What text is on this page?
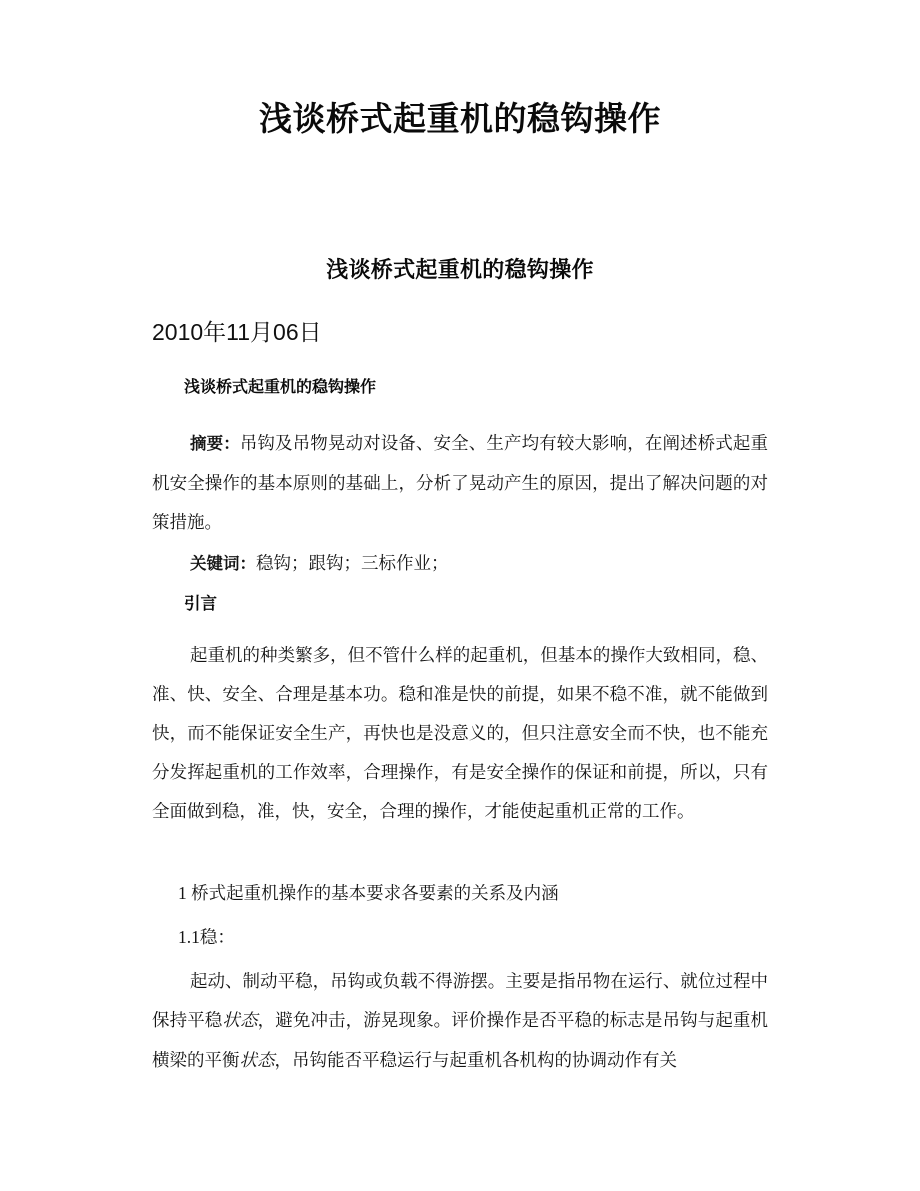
浅谈桥式起重机的稳钩操作
浅谈桥式起重机的稳钩操作
2010年11月06日
浅谈桥式起重机的稳钩操作
摘要：吊钩及吊物晃动对设备、安全、生产均有较大影响，在阐述桥式起重机安全操作的基本原则的基础上，分析了晃动产生的原因，提出了解决问题的对策措施。
关键词：稳钩；跟钩；三标作业；
引言
起重机的种类繁多，但不管什么样的起重机，但基本的操作大致相同，稳、准、快、安全、合理是基本功。稳和准是快的前提，如果不稳不准，就不能做到快，而不能保证安全生产，再快也是没意义的，但只注意安全而不快，也不能充分发挥起重机的工作效率，合理操作，有是安全操作的保证和前提，所以，只有全面做到稳，准，快，安全，合理的操作，才能使起重机正常的工作。
1 桥式起重机操作的基本要求各要素的关系及内涵
1.1稳：
起动、制动平稳，吊钩或负载不得游摆。主要是指吊物在运行、就位过程中保持平稳状态，避免冲击，游晃现象。评价操作是否平稳的标志是吊钩与起重机横梁的平衡状态，吊钩能否平稳运行与起重机各机构的协调动作有关
